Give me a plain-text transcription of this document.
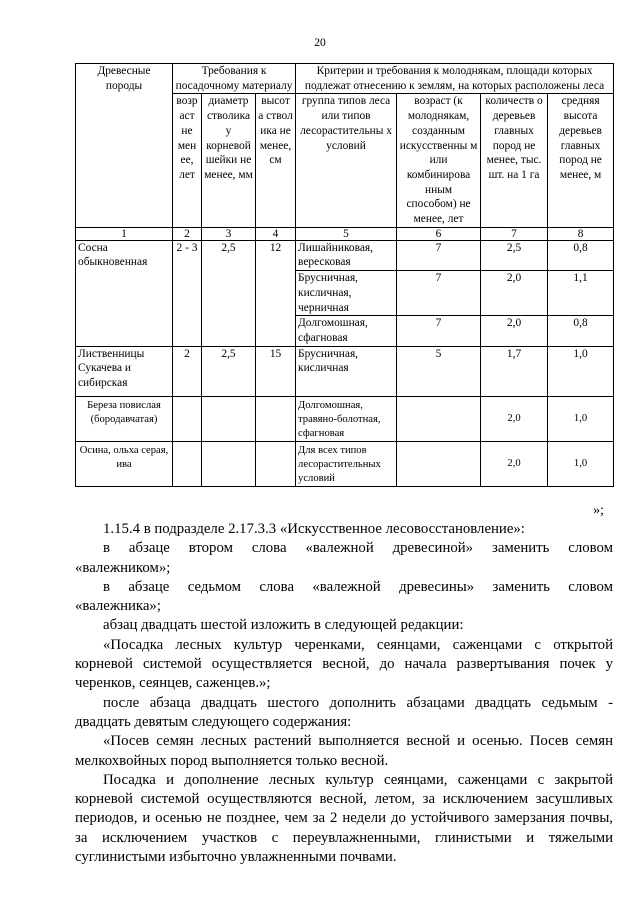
20
Древесные породы	Требования к посадочному материалу			Критерии и требования к молоднякам, площади которых подлежат отнесению к землям, на которых расположены леса			
	возр аст не мен ее, лет	диаметр стволика у корневой шейки не менее, мм	высот а ствол ика не менее, см	группа типов леса или типов лесорастительны х условий	возраст (к молоднякам, созданным искусственны м или комбинирова нным способом) не менее, лет	количеств о деревьев главных пород не менее, тыс. шт. на 1 га	средняя высота деревьев главных пород не менее, м
1	2	3	4	5	6	7	8
Сосна обыкновенная	2 - 3	2,5	12	Лишайниковая, вересковая	7	2,5	0,8
				Брусничная, кисличная, черничная	7	2,0	1,1
				Долгомошная, сфагновая	7	2,0	0,8
Лиственницы Сукачева и сибирская	2	2,5	15	Брусничная, кисличная	5	1,7	1,0
Береза повислая (бородавчатая)				Долгомошная, травяно-болотная, сфагновая		2,0	1,0
Осина, ольха серая, ива				Для всех типов лесорастительных условий		2,0	1,0
»;

1.15.4 в подразделе 2.17.3.3 «Искусственное лесовосстановление»:

в абзаце втором слова «валежной древесиной» заменить словом

«валежником»;

в абзаце седьмом слова «валежной древесины» заменить словом

«валежника»;

абзац двадцать шестой изложить в следующей редакции:

«Посадка лесных культур черенками, сеянцами, саженцами с открытой корневой системой осуществляется весной, до начала развертывания почек у черенков, сеянцев, саженцев.»;

после абзаца двадцать шестого дополнить абзацами двадцать седьмым - двадцать девятым следующего содержания:

«Посев семян лесных растений выполняется весной и осенью. Посев семян мелкохвойных пород выполняется только весной.

Посадка и дополнение лесных культур сеянцами, саженцами с закрытой корневой системой осуществляются весной, летом, за исключением засушливых периодов, и осенью не позднее, чем за 2 недели до устойчивого замерзания почвы, за исключением участков с переувлажненными, глинистыми и тяжелыми суглинистыми избыточно увлажненными почвами.
